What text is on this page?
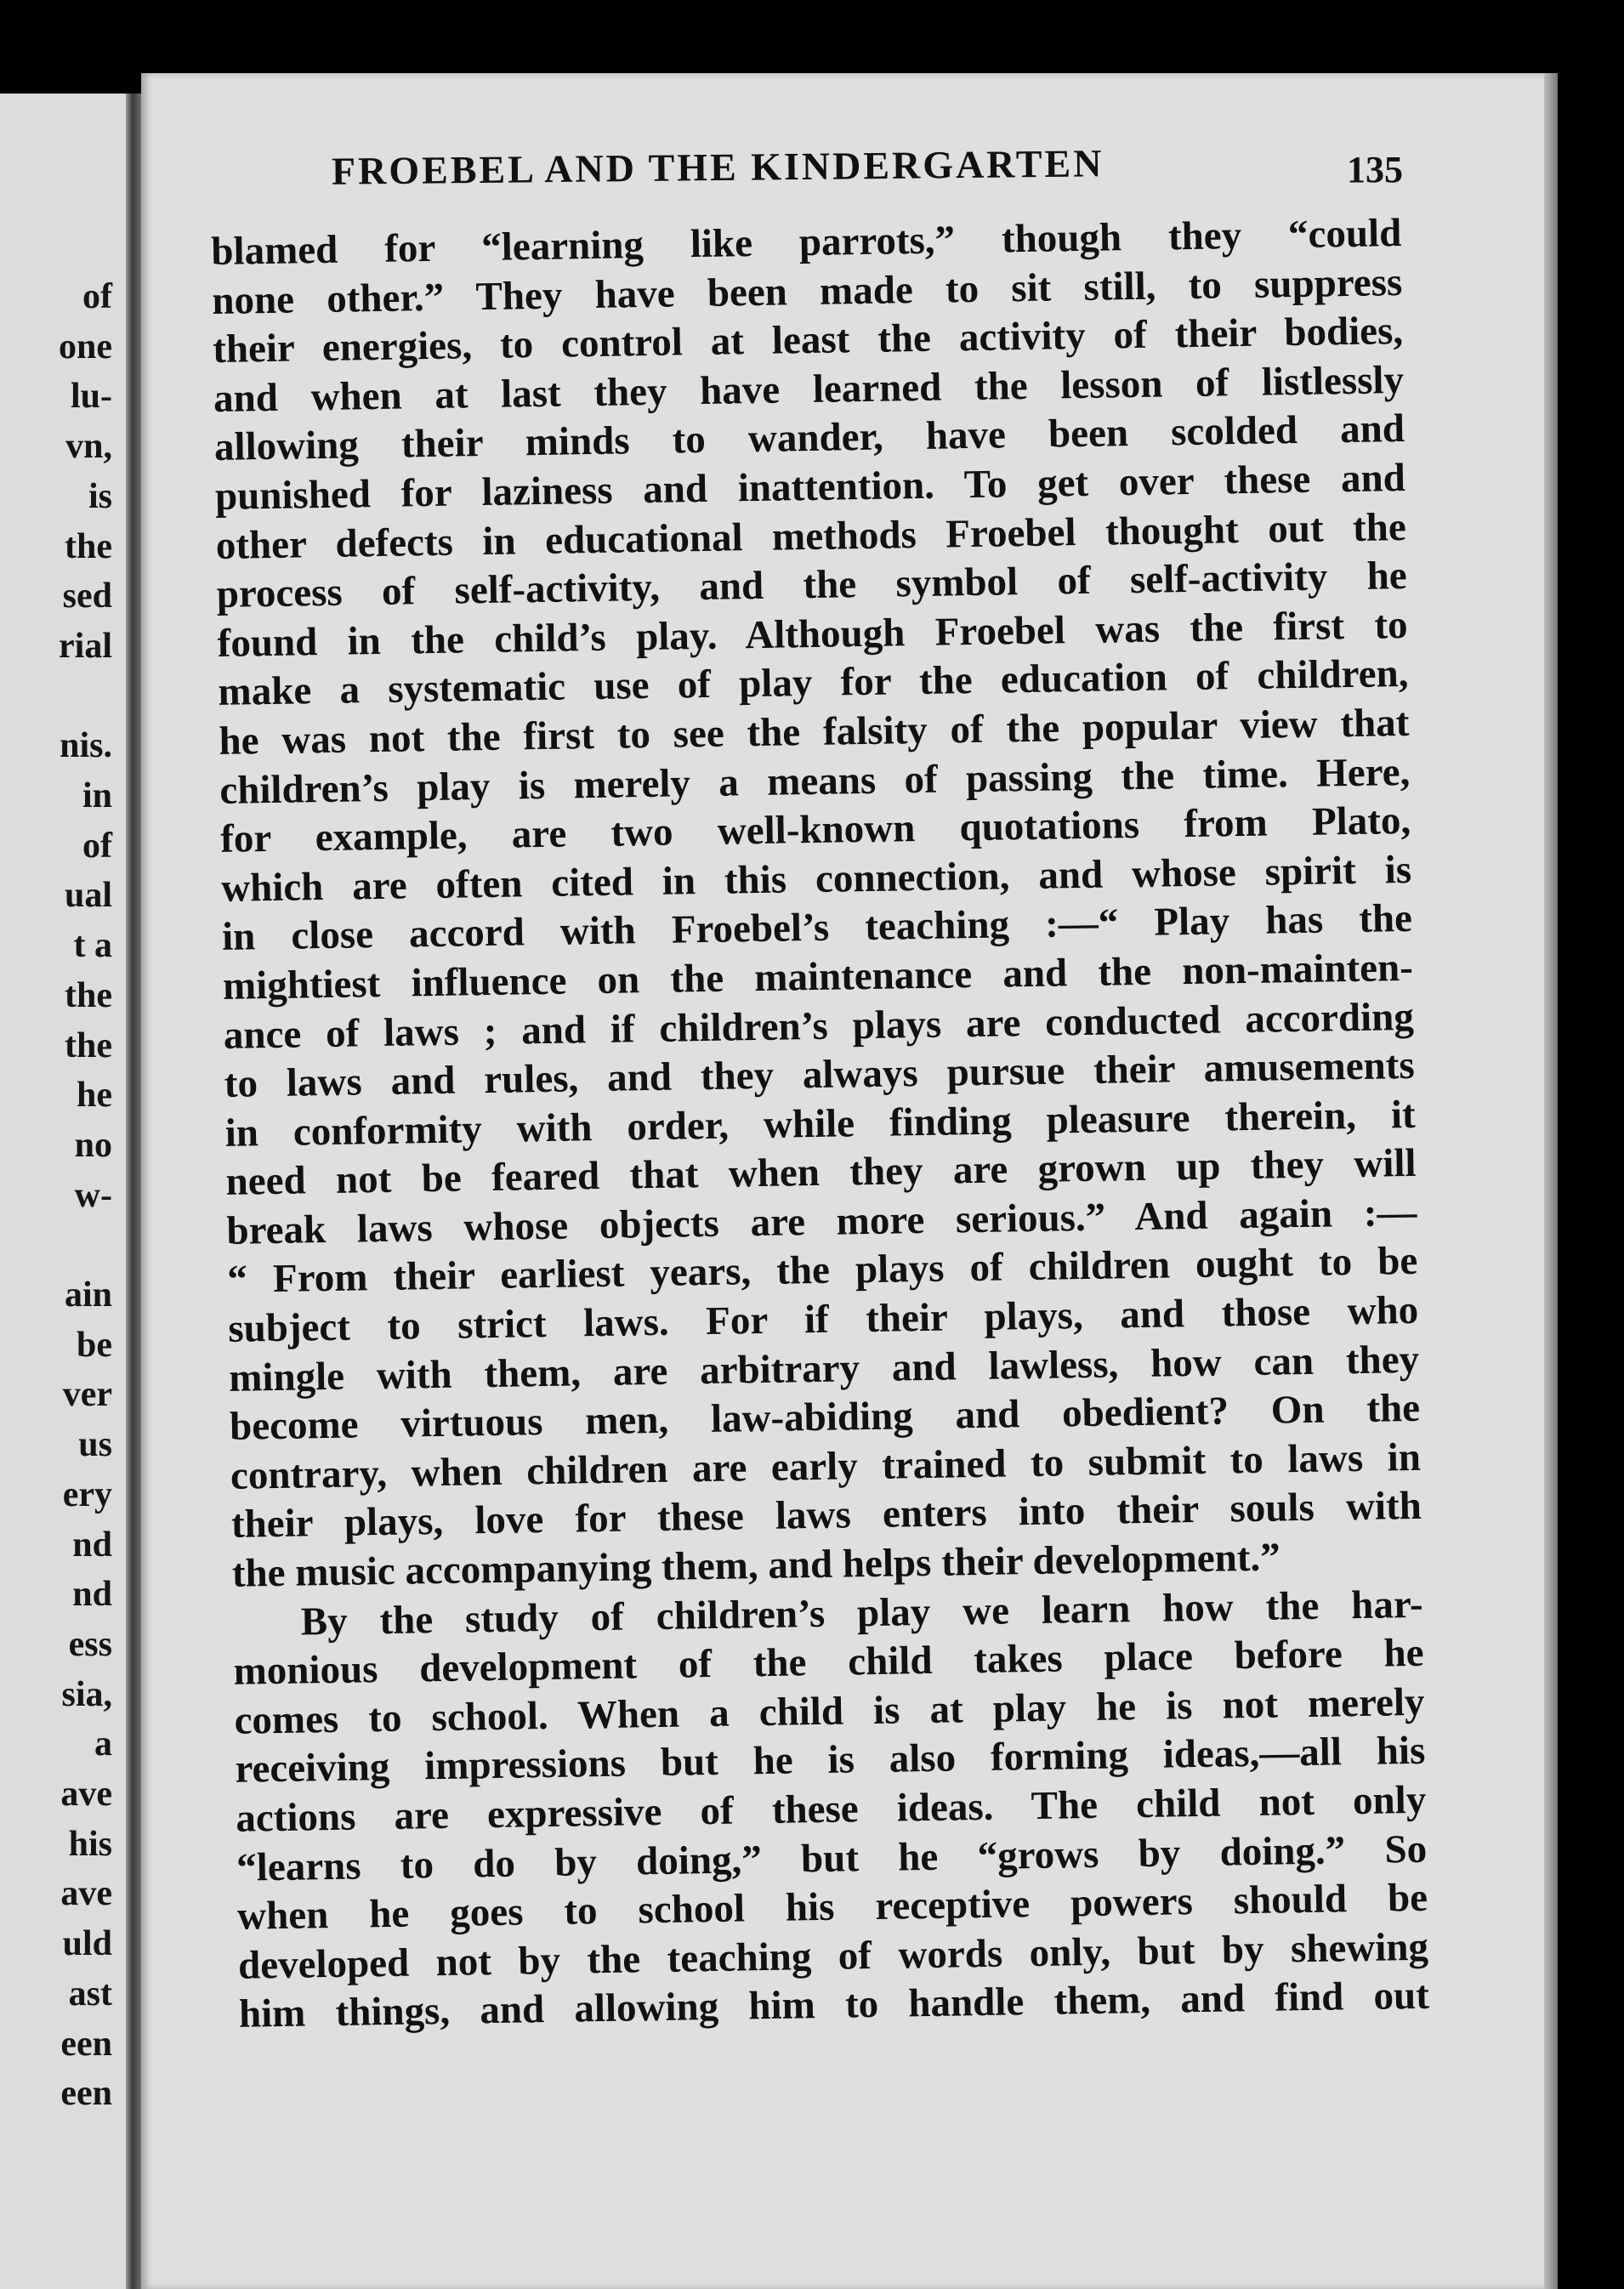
of
one
lu-
vn,
is
the
sed
rial
nis.
in
of
ual
t a
the
the
he
no
w-
ain
be
ver
us
ery
nd
nd
ess
sia,
a
ave
his
ave
uld
ast
een
een
FROEBEL AND THE KINDERGARTEN	135
blamed for “learning like parrots,” though they “could
none other.” They have been made to sit still, to suppress
their energies, to control at least the activity of their bodies,
and when at last they have learned the lesson of listlessly
allowing their minds to wander, have been scolded and
punished for laziness and inattention. To get over these and
other defects in educational methods Froebel thought out the
process of self-activity, and the symbol of self-activity he
found in the child’s play. Although Froebel was the first to
make a systematic use of play for the education of children,
he was not the first to see the falsity of the popular view that
children’s play is merely a means of passing the time. Here,
for example, are two well-known quotations from Plato,
which are often cited in this connection, and whose spirit is
in close accord with Froebel’s teaching :—“ Play has the
mightiest influence on the maintenance and the non-mainten-
ance of laws ; and if children’s plays are conducted according
to laws and rules, and they always pursue their amusements
in conformity with order, while finding pleasure therein, it
need not be feared that when they are grown up they will
break laws whose objects are more serious.” And again :—
“ From their earliest years, the plays of children ought to be
subject to strict laws. For if their plays, and those who
mingle with them, are arbitrary and lawless, how can they
become virtuous men, law-abiding and obedient? On the
contrary, when children are early trained to submit to laws in
their plays, love for these laws enters into their souls with
the music accompanying them, and helps their development.”
By the study of children’s play we learn how the har-
monious development of the child takes place before he
comes to school. When a child is at play he is not merely
receiving impressions but he is also forming ideas,—all his
actions are expressive of these ideas. The child not only
“learns to do by doing,” but he “grows by doing.” So
when he goes to school his receptive powers should be
developed not by the teaching of words only, but by shewing
him things, and allowing him to handle them, and find out
